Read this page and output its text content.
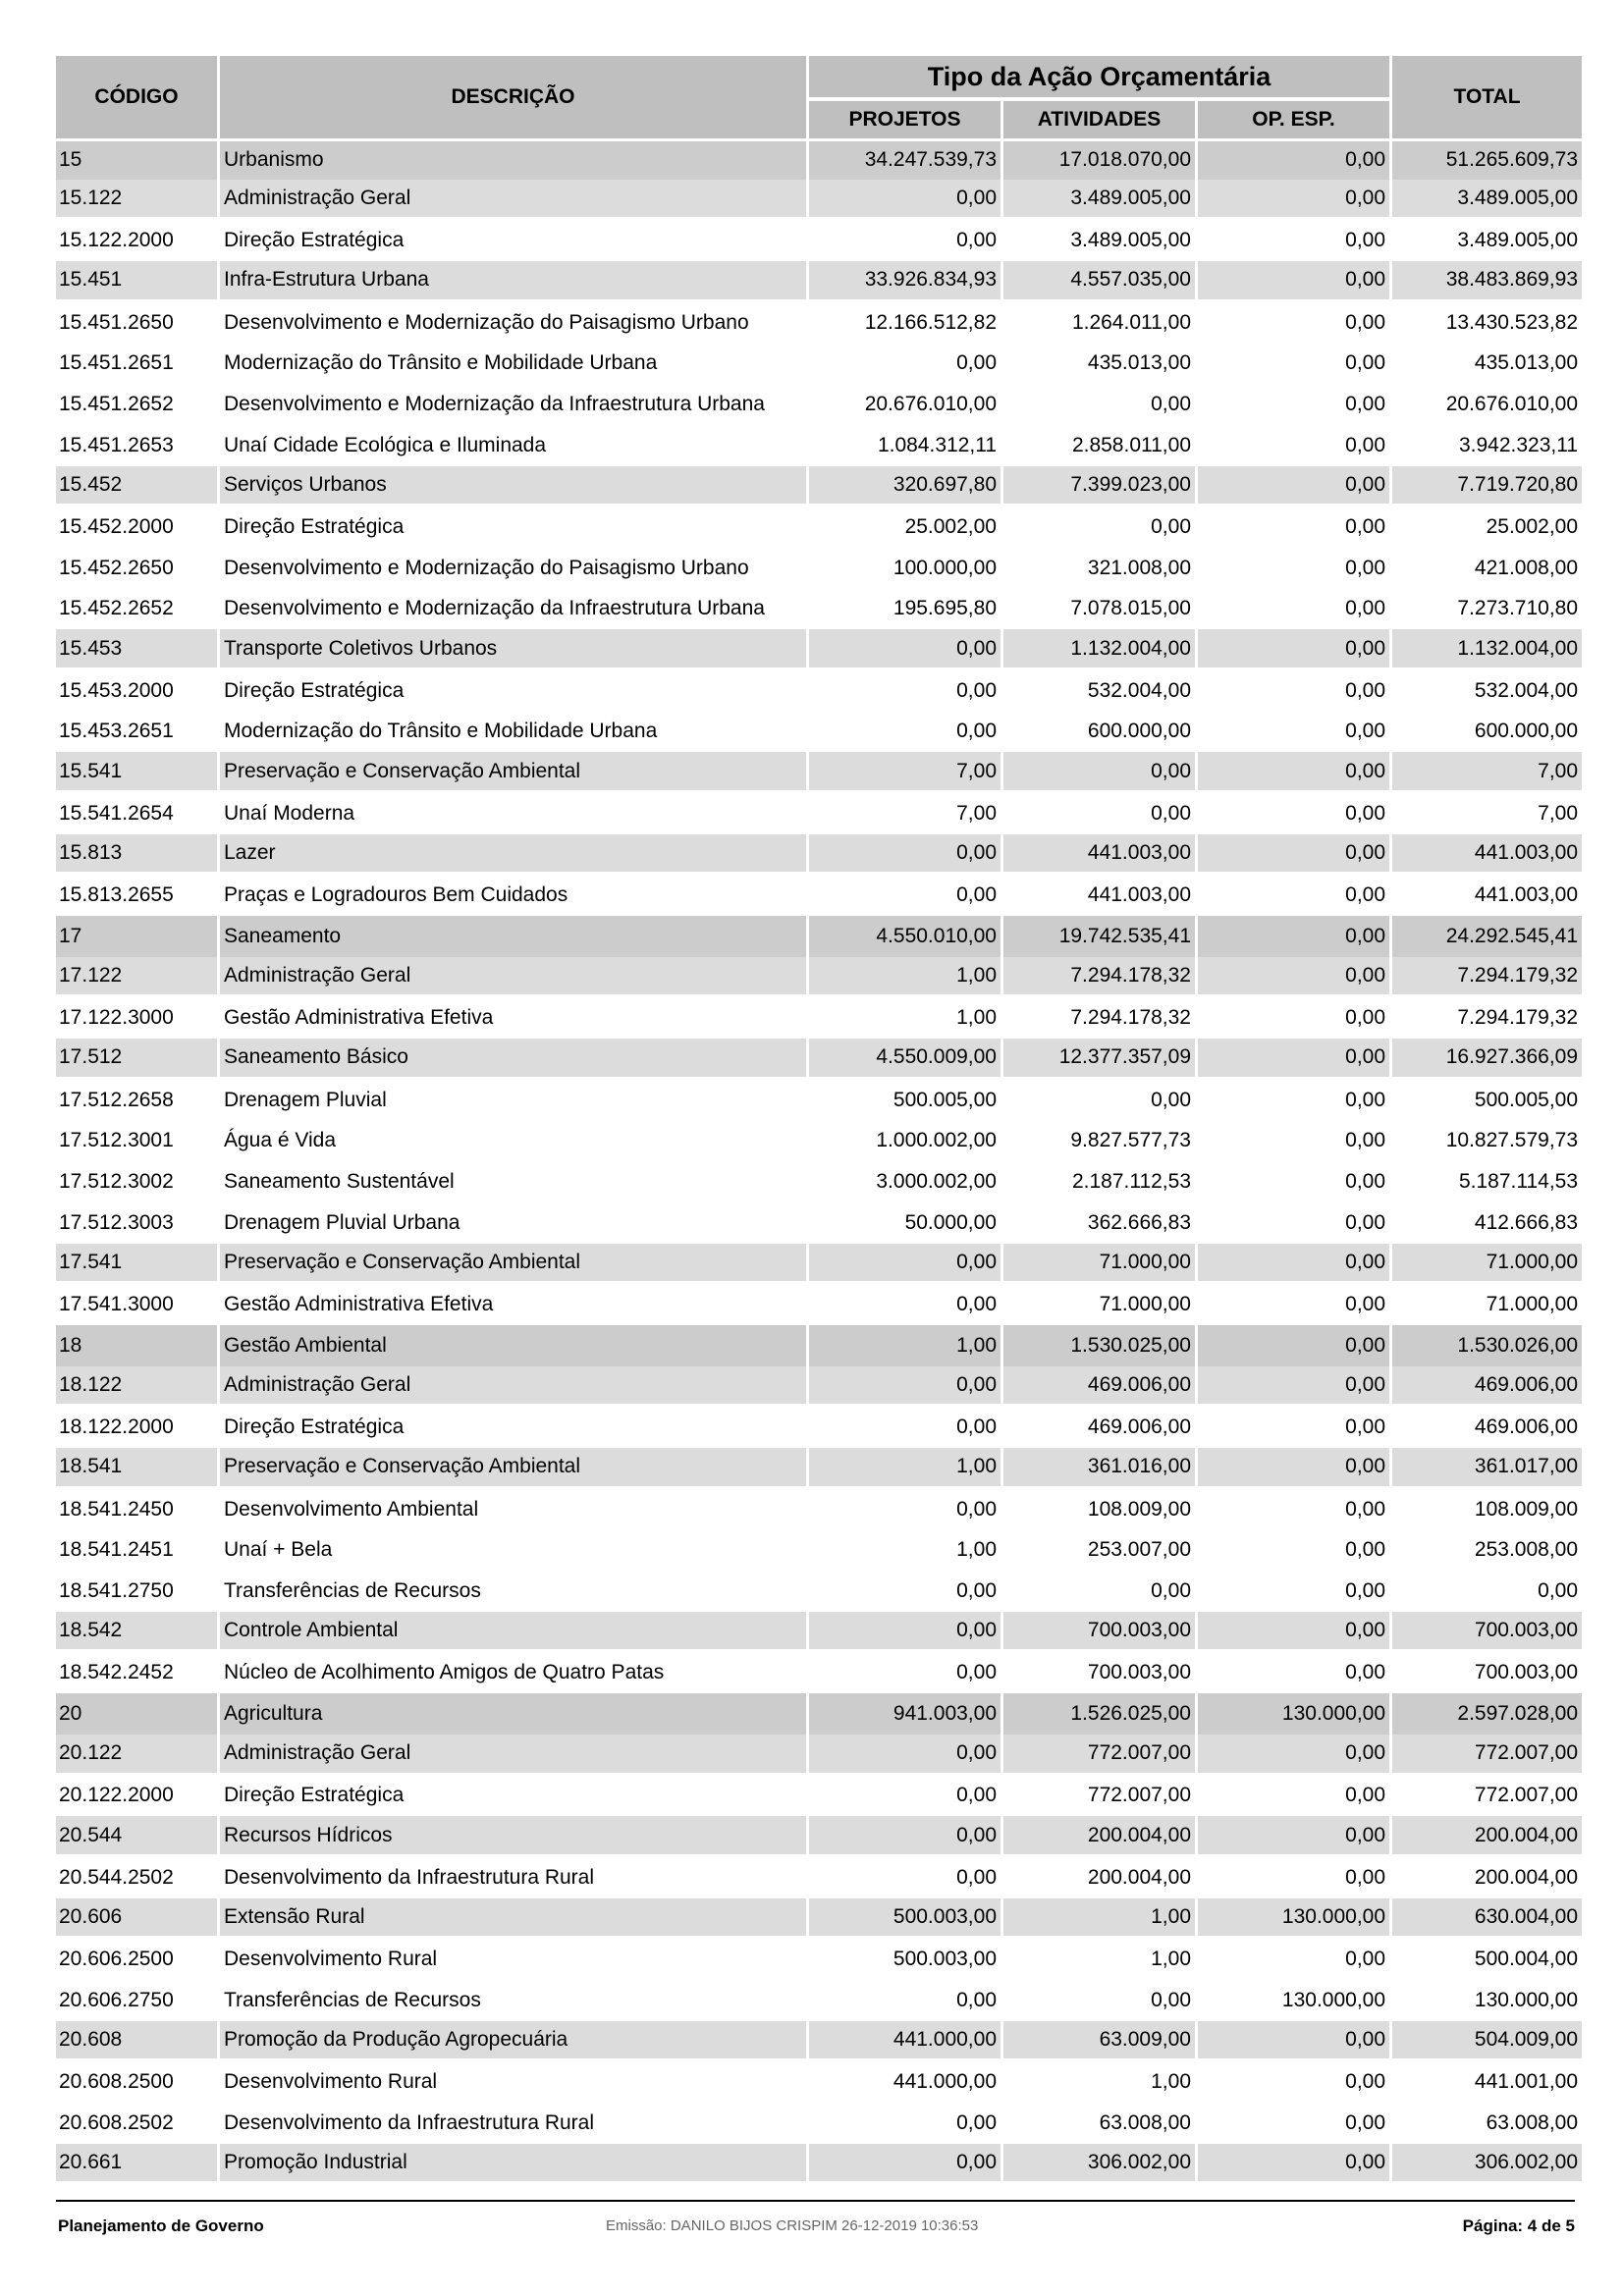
CÓDIGO	DESCRIÇÃO	Tipo da Ação Orçamentária			TOTAL
		PROJETOS	ATIVIDADES	OP. ESP.	
15	Urbanismo	34.247.539,73	17.018.070,00	0,00	51.265.609,73
15.122	Administração Geral	0,00	3.489.005,00	0,00	3.489.005,00
15.122.2000	Direção Estratégica	0,00	3.489.005,00	0,00	3.489.005,00
15.451	Infra-Estrutura Urbana	33.926.834,93	4.557.035,00	0,00	38.483.869,93
15.451.2650	Desenvolvimento e Modernização do Paisagismo Urbano	12.166.512,82	1.264.011,00	0,00	13.430.523,82
15.451.2651	Modernização do Trânsito e Mobilidade Urbana	0,00	435.013,00	0,00	435.013,00
15.451.2652	Desenvolvimento e Modernização da Infraestrutura Urbana	20.676.010,00	0,00	0,00	20.676.010,00
15.451.2653	Unaí Cidade Ecológica e Iluminada	1.084.312,11	2.858.011,00	0,00	3.942.323,11
15.452	Serviços Urbanos	320.697,80	7.399.023,00	0,00	7.719.720,80
15.452.2000	Direção Estratégica	25.002,00	0,00	0,00	25.002,00
15.452.2650	Desenvolvimento e Modernização do Paisagismo Urbano	100.000,00	321.008,00	0,00	421.008,00
15.452.2652	Desenvolvimento e Modernização da Infraestrutura Urbana	195.695,80	7.078.015,00	0,00	7.273.710,80
15.453	Transporte Coletivos Urbanos	0,00	1.132.004,00	0,00	1.132.004,00
15.453.2000	Direção Estratégica	0,00	532.004,00	0,00	532.004,00
15.453.2651	Modernização do Trânsito e Mobilidade Urbana	0,00	600.000,00	0,00	600.000,00
15.541	Preservação e Conservação Ambiental	7,00	0,00	0,00	7,00
15.541.2654	Unaí Moderna	7,00	0,00	0,00	7,00
15.813	Lazer	0,00	441.003,00	0,00	441.003,00
15.813.2655	Praças e Logradouros Bem Cuidados	0,00	441.003,00	0,00	441.003,00
17	Saneamento	4.550.010,00	19.742.535,41	0,00	24.292.545,41
17.122	Administração Geral	1,00	7.294.178,32	0,00	7.294.179,32
17.122.3000	Gestão Administrativa Efetiva	1,00	7.294.178,32	0,00	7.294.179,32
17.512	Saneamento Básico	4.550.009,00	12.377.357,09	0,00	16.927.366,09
17.512.2658	Drenagem Pluvial	500.005,00	0,00	0,00	500.005,00
17.512.3001	Água é Vida	1.000.002,00	9.827.577,73	0,00	10.827.579,73
17.512.3002	Saneamento Sustentável	3.000.002,00	2.187.112,53	0,00	5.187.114,53
17.512.3003	Drenagem Pluvial Urbana	50.000,00	362.666,83	0,00	412.666,83
17.541	Preservação e Conservação Ambiental	0,00	71.000,00	0,00	71.000,00
17.541.3000	Gestão Administrativa Efetiva	0,00	71.000,00	0,00	71.000,00
18	Gestão Ambiental	1,00	1.530.025,00	0,00	1.530.026,00
18.122	Administração Geral	0,00	469.006,00	0,00	469.006,00
18.122.2000	Direção Estratégica	0,00	469.006,00	0,00	469.006,00
18.541	Preservação e Conservação Ambiental	1,00	361.016,00	0,00	361.017,00
18.541.2450	Desenvolvimento Ambiental	0,00	108.009,00	0,00	108.009,00
18.541.2451	Unaí + Bela	1,00	253.007,00	0,00	253.008,00
18.541.2750	Transferências de Recursos	0,00	0,00	0,00	0,00
18.542	Controle Ambiental	0,00	700.003,00	0,00	700.003,00
18.542.2452	Núcleo de Acolhimento Amigos de Quatro Patas	0,00	700.003,00	0,00	700.003,00
20	Agricultura	941.003,00	1.526.025,00	130.000,00	2.597.028,00
20.122	Administração Geral	0,00	772.007,00	0,00	772.007,00
20.122.2000	Direção Estratégica	0,00	772.007,00	0,00	772.007,00
20.544	Recursos Hídricos	0,00	200.004,00	0,00	200.004,00
20.544.2502	Desenvolvimento da Infraestrutura Rural	0,00	200.004,00	0,00	200.004,00
20.606	Extensão Rural	500.003,00	1,00	130.000,00	630.004,00
20.606.2500	Desenvolvimento Rural	500.003,00	1,00	0,00	500.004,00
20.606.2750	Transferências de Recursos	0,00	0,00	130.000,00	130.000,00
20.608	Promoção da Produção Agropecuária	441.000,00	63.009,00	0,00	504.009,00
20.608.2500	Desenvolvimento Rural	441.000,00	1,00	0,00	441.001,00
20.608.2502	Desenvolvimento da Infraestrutura Rural	0,00	63.008,00	0,00	63.008,00
20.661	Promoção Industrial	0,00	306.002,00	0,00	306.002,00
Planejamento de Governo	Emissão: DANILO BIJOS CRISPIM 26-12-2019 10:36:53	Página: 4 de 5
